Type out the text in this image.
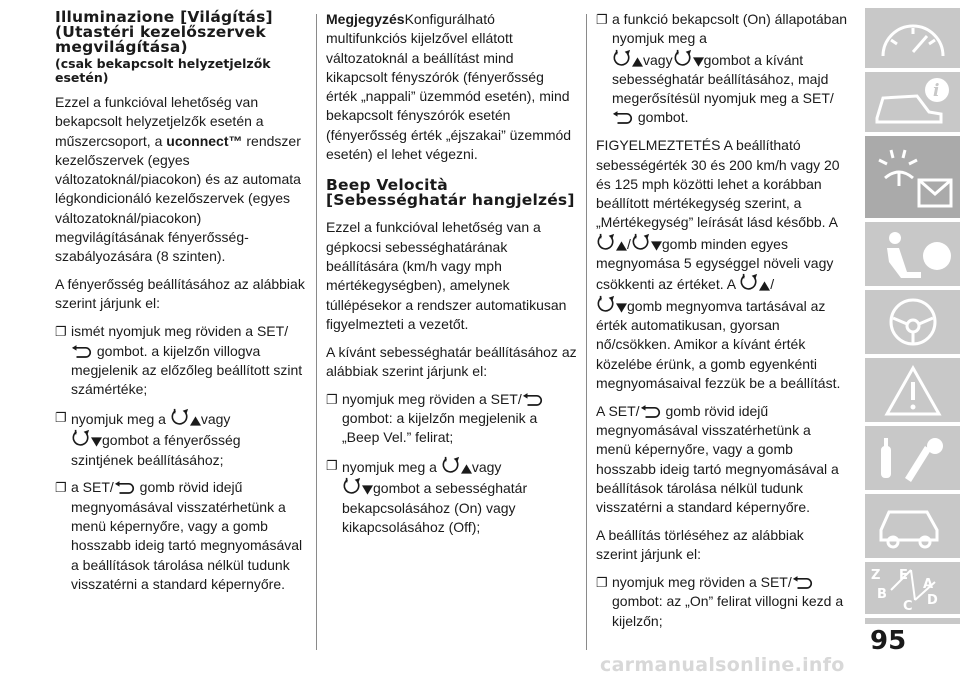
Illuminazione [Világítás] (Utastéri kezelőszervek megvilágítása)
(csak bekapcsolt helyzetjelzők esetén)

Ezzel a funkcióval lehetőség van bekapcsolt helyzetjelzők esetén a műszercsoport, a uconnect™ rendszer kezelőszervek (egyes változatoknál/piacokon) és az automata légkondicionáló kezelőszervek (egyes változatoknál/piacokon) megvilágításának fényerősség-szabályozására (8 szinten).

A fényerősség beállításához az alábbiak szerint járjunk el:

❐ ismét nyomjuk meg röviden a SET/ gombot. a kijelzőn villogva megjelenik az előzőleg beállított szint számértéke;
❐ nyomjuk meg a vagy
gombot a fényerősség szintjének beállításához;
❐ a SET/ gomb rövid idejű megnyomásával visszatérhetünk a menü képernyőre, vagy a gomb hosszabb ideig tartó megnyomásával a beállítások tárolása nélkül tudunk visszatérni a standard képernyőre.

MegjegyzésKonfigurálható multifunkciós kijelzővel ellátott változatoknál a beállítást mind kikapcsolt fényszórók (fényerősség érték „nappali” üzemmód esetén), mind bekapcsolt fényszórók esetén (fényerősség érték „éjszakai” üzemmód esetén) el lehet végezni.

Beep Velocità [Sebességhatár hangjelzés]

Ezzel a funkcióval lehetőség van a gépkocsi sebességhatárának beállítására (km/h vagy mph mértékegységben), amelynek túllépésekor a rendszer automatikusan figyelmezteti a vezetőt.

A kívánt sebességhatár beállításához az alábbiak szerint járjunk el:

❐ nyomjuk meg röviden a SET/ gombot: a kijelzőn megjelenik a „Beep Vel.” felirat;
❐ nyomjuk meg a vagy
gombot a sebességhatár bekapcsolásához (On) vagy kikapcsolásához (Off);
❐ a funkció bekapcsolt (On) állapotában nyomjuk meg a
vagy gombot a kívánt sebességhatár beállításához, majd megerősítésül nyomjuk meg a SET/
gombot.

FIGYELMEZTETÉS A beállítható sebességérték 30 és 200 km/h vagy 20 és 125 mph közötti lehet a korábban beállított mértékegység szerint, a „Mértékegység” leírását lásd később. A / gomb minden egyes megnyomása 5 egységgel növeli vagy csökkenti az értéket. A /
gomb megnyomva tartásával az érték automatikusan, gyorsan nő/csökken. Amikor a kívánt érték közelébe érünk, a gomb egyenkénti megnyomásaival fezzük be a beállítást.

A SET/ gomb rövid idejű megnyomásával visszatérhetünk a menü képernyőre, vagy a gomb hosszabb ideig tartó megnyomásával a beállítások tárolása nélkül tudunk visszatérni a standard képernyőre.

A beállítás törléséhez az alábbiak szerint járjunk el:

❐ nyomjuk meg röviden a SET/ gombot: az „On” felirat villogni kezd a kijelzőn;
i
Z E
A
B
C D
95
carmanualsonline.info
